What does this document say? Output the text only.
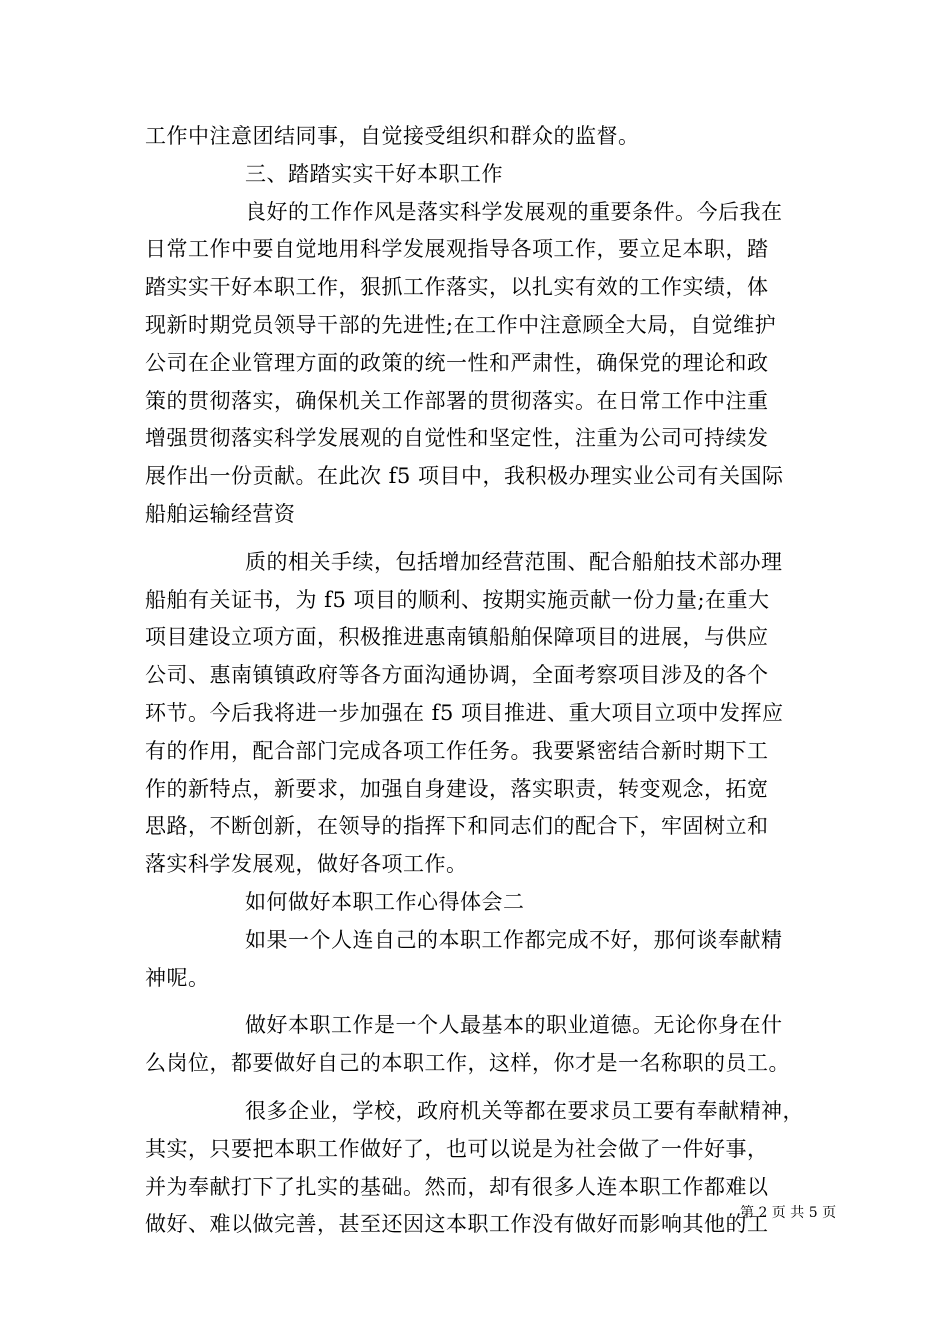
工作中注意团结同事，自觉接受组织和群众的监督。
三、踏踏实实干好本职工作
良好的工作作风是落实科学发展观的重要条件。今后我在
日常工作中要自觉地用科学发展观指导各项工作，要立足本职，踏
踏实实干好本职工作，狠抓工作落实，以扎实有效的工作实绩，体
现新时期党员领导干部的先进性;在工作中注意顾全大局，自觉维护
公司在企业管理方面的政策的统一性和严肃性，确保党的理论和政
策的贯彻落实，确保机关工作部署的贯彻落实。在日常工作中注重
增强贯彻落实科学发展观的自觉性和坚定性，注重为公司可持续发
展作出一份贡献。在此次 f5 项目中，我积极办理实业公司有关国际
船舶运输经营资
质的相关手续，包括增加经营范围、配合船舶技术部办理
船舶有关证书，为 f5 项目的顺利、按期实施贡献一份力量;在重大
项目建设立项方面，积极推进惠南镇船舶保障项目的进展，与供应
公司、惠南镇镇政府等各方面沟通协调，全面考察项目涉及的各个
环节。今后我将进一步加强在 f5 项目推进、重大项目立项中发挥应
有的作用，配合部门完成各项工作任务。我要紧密结合新时期下工
作的新特点，新要求，加强自身建设，落实职责，转变观念，拓宽
思路，不断创新，在领导的指挥下和同志们的配合下，牢固树立和
落实科学发展观，做好各项工作。
如何做好本职工作心得体会二
如果一个人连自己的本职工作都完成不好，那何谈奉献精
神呢。
做好本职工作是一个人最基本的职业道德。无论你身在什
么岗位，都要做好自己的本职工作，这样，你才是一名称职的员工。
很多企业，学校，政府机关等都在要求员工要有奉献精神，
其实，只要把本职工作做好了，也可以说是为社会做了一件好事，
并为奉献打下了扎实的基础。然而，却有很多人连本职工作都难以
做好、难以做完善，甚至还因这本职工作没有做好而影响其他的工
第 2 页 共 5 页
